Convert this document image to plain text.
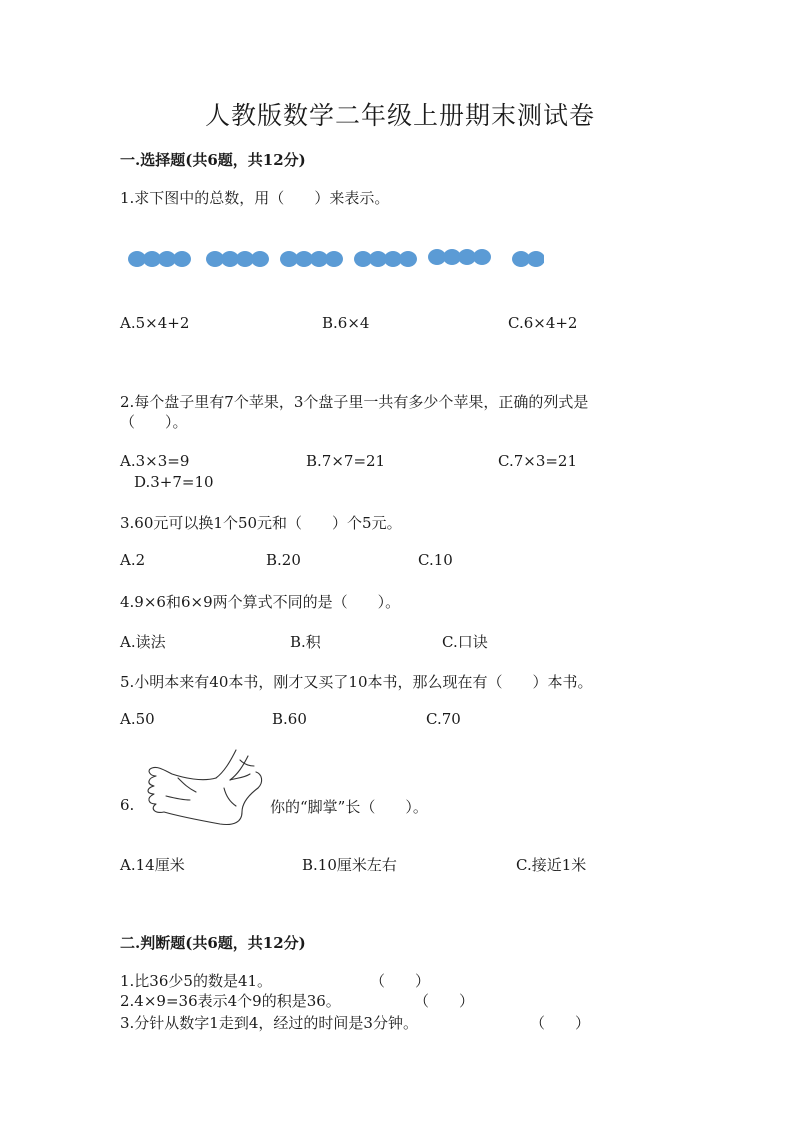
人教版数学二年级上册期末测试卷
一.选择题(共6题，共12分)
1.求下图中的总数，用（　　）来表示。
A.5×4+2	B.6×4	C.6×4+2
2.每个盘子里有7个苹果，3个盘子里一共有多少个苹果，正确的列式是
（　　）。
A.3×3=9	B.7×7=21	C.7×3=21
D.3+7=10
3.60元可以换1个50元和（　　）个5元。
A.2	B.20	C.10
4.9×6和6×9两个算式不同的是（　　）。
A.读法	B.积	C.口诀
5.小明本来有40本书，刚才又买了10本书，那么现在有（　　）本书。
A.50	B.60	C.70
6.	你的“脚掌”长（　　）。
A.14厘米	B.10厘米左右	C.接近1米
二.判断题(共6题，共12分)
1.比36少5的数是41。	（　　）
2.4×9=36表示4个9的积是36。	（　　）
3.分针从数字1走到4，经过的时间是3分钟。	（　　）
